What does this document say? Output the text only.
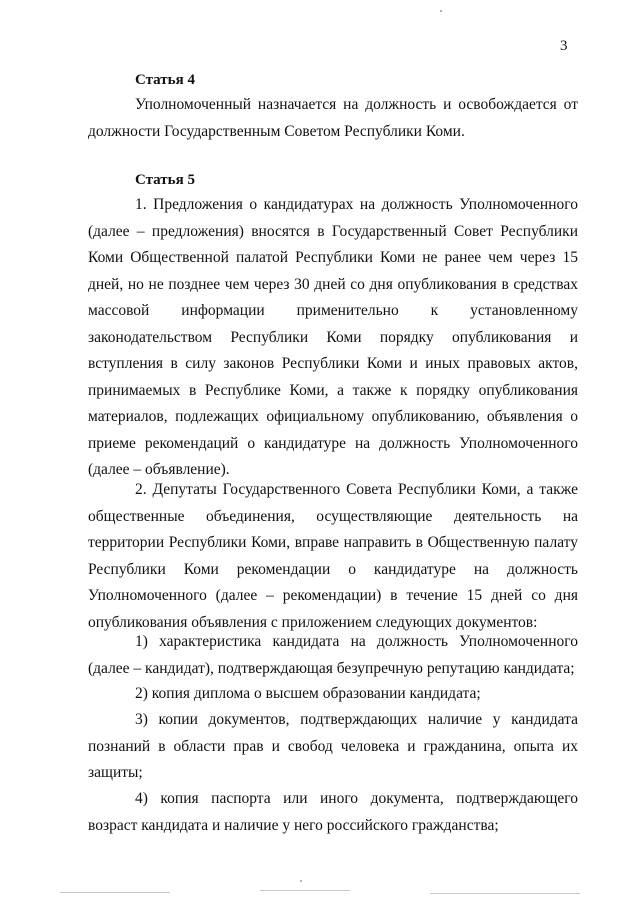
3
Статья 4
Уполномоченный назначается на должность и освобождается от должности Государственным Советом Республики Коми.
Статья 5
1. Предложения о кандидатурах на должность Уполномоченного (далее – предложения) вносятся в Государственный Совет Республики Коми Общественной палатой Республики Коми не ранее чем через 15 дней, но не позднее чем через 30 дней со дня опубликования в средствах массовой информации применительно к установленному законодательством Республики Коми порядку опубликования и вступления в силу законов Республики Коми и иных правовых актов, принимаемых в Республике Коми, а также к порядку опубликования материалов, подлежащих официальному опубликованию, объявления о приеме рекомендаций о кандидатуре на должность Уполномоченного (далее – объявление).
2. Депутаты Государственного Совета Республики Коми, а также общественные объединения, осуществляющие деятельность на территории Республики Коми, вправе направить в Общественную палату Республики Коми рекомендации о кандидатуре на должность Уполномоченного (далее – рекомендации) в течение 15 дней со дня опубликования объявления с приложением следующих документов:
1) характеристика кандидата на должность Уполномоченного (далее – кандидат), подтверждающая безупречную репутацию кандидата;
2) копия диплома о высшем образовании кандидата;
3) копии документов, подтверждающих наличие у кандидата познаний в области прав и свобод человека и гражданина, опыта их защиты;
4) копия паспорта или иного документа, подтверждающего возраст кандидата и наличие у него российского гражданства;
